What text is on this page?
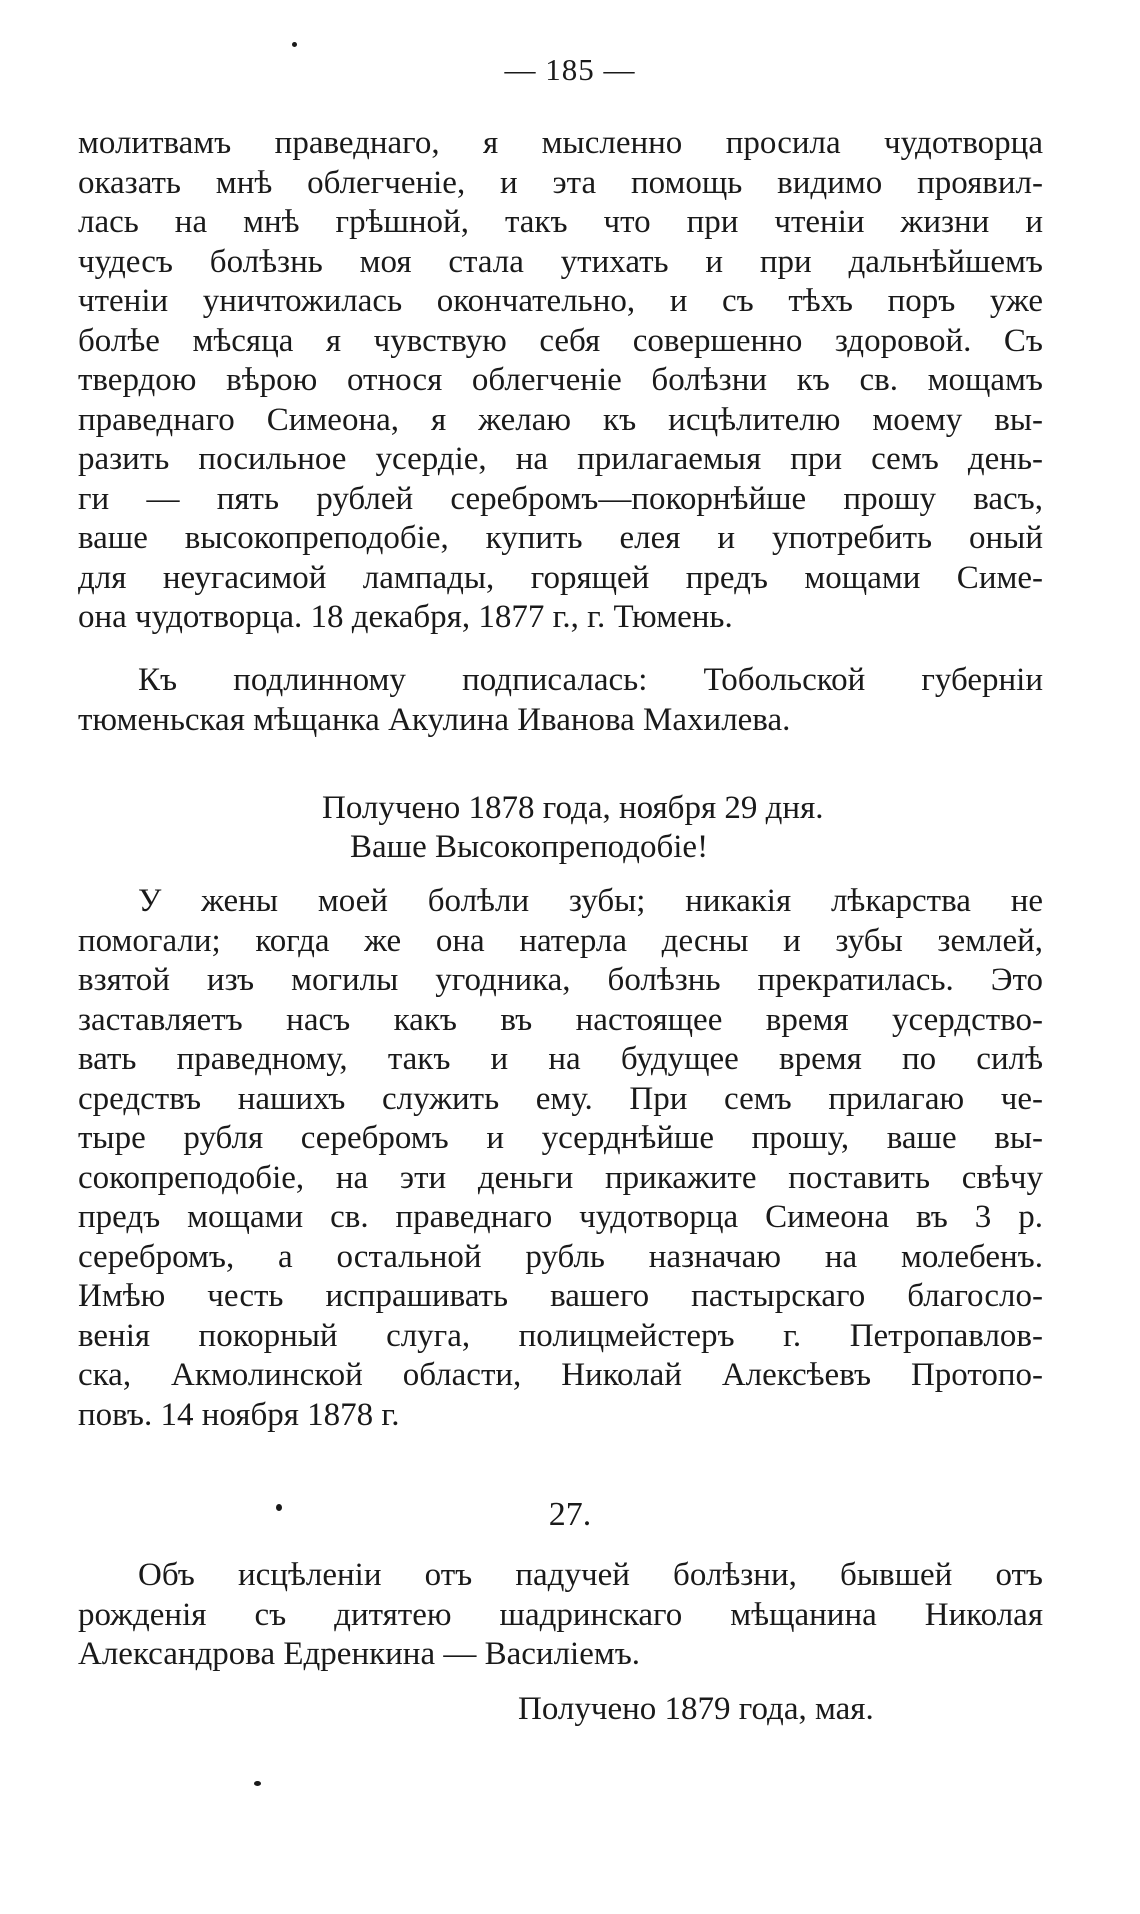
— 185 —
молитвамъ праведнаго, я мысленно просила чудотворца
оказать мнѣ облегченіе, и эта помощь видимо проявил-
лась на мнѣ грѣшной, такъ что при чтеніи жизни и
чудесъ болѣзнь моя стала утихать и при дальнѣйшемъ
чтеніи уничтожилась окончательно, и съ тѣхъ поръ уже
болѣе мѣсяца я чувствую себя совершенно здоровой. Съ
твердою вѣрою относя облегченіе болѣзни къ св. мощамъ
праведнаго Симеона, я желаю къ исцѣлителю моему вы-
разить посильное усердіе, на прилагаемыя при семъ день-
ги — пять рублей серебромъ—покорнѣйше прошу васъ,
ваше высокопреподобіе, купить елея и употребить оный
для неугасимой лампады, горящей предъ мощами Симе-
она чудотворца. 18 декабря, 1877 г., г. Тюмень.
Къ подлинному подписалась: Тобольской губерніи
тюменьская мѣщанка Акулина Иванова Махилева.
Получено 1878 года, ноября 29 дня.
Ваше Высокопреподобіе!
У жены моей болѣли зубы; никакія лѣкарства не
помогали; когда же она натерла десны и зубы землей,
взятой изъ могилы угодника, болѣзнь прекратилась. Это
заставляетъ насъ какъ въ настоящее время усердство-
вать праведному, такъ и на будущее время по силѣ
средствъ нашихъ служить ему. При семъ прилагаю че-
тыре рубля серебромъ и усерднѣйше прошу, ваше вы-
сокопреподобіе, на эти деньги прикажите поставить свѣчу
предъ мощами св. праведнаго чудотворца Симеона въ 3 р.
серебромъ, а остальной рубль назначаю на молебенъ.
Имѣю честь испрашивать вашего пастырскаго благосло-
венія покорный слуга, полицмейстеръ г. Петропавлов-
ска, Акмолинской области, Николай Алексѣевъ Протопо-
повъ. 14 ноября 1878 г.
27.
Объ исцѣленіи отъ падучей болѣзни, бывшей отъ
рожденія съ дитятею шадринскаго мѣщанина Николая
Александрова Едренкина — Василіемъ.
Получено 1879 года, мая.
